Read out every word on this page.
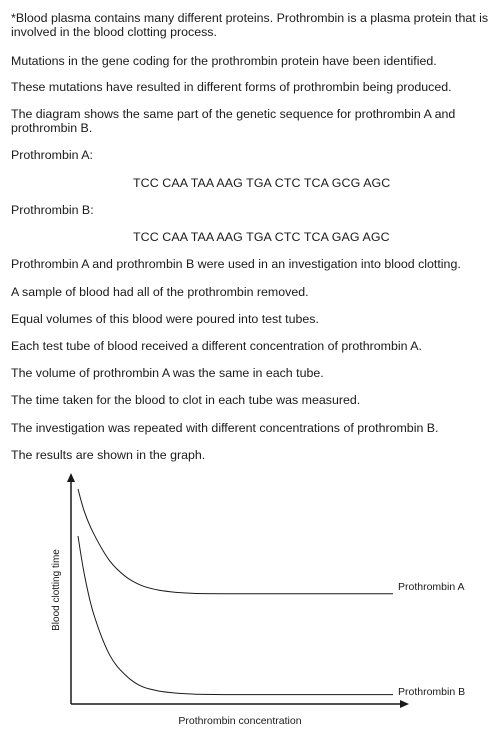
*Blood plasma contains many different proteins. Prothrombin is a plasma protein that is involved in the blood clotting process.

Mutations in the gene coding for the prothrombin protein have been identified.

These mutations have resulted in different forms of prothrombin being produced.

The diagram shows the same part of the genetic sequence for prothrombin A and prothrombin B.

Prothrombin A:

TCC CAA TAA AAG TGA CTC TCA GCG AGC

Prothrombin B:

TCC CAA TAA AAG TGA CTC TCA GAG AGC

Prothrombin A and prothrombin B were used in an investigation into blood clotting.

A sample of blood had all of the prothrombin removed.

Equal volumes of this blood were poured into test tubes.

Each test tube of blood received a different concentration of prothrombin A.

The volume of prothrombin A was the same in each tube.

The time taken for the blood to clot in each tube was measured.

The investigation was repeated with different concentrations of prothrombin B.

The results are shown in the graph.

Prothrombin A
Prothrombin B
Prothrombin concentration
Blood clotting time
